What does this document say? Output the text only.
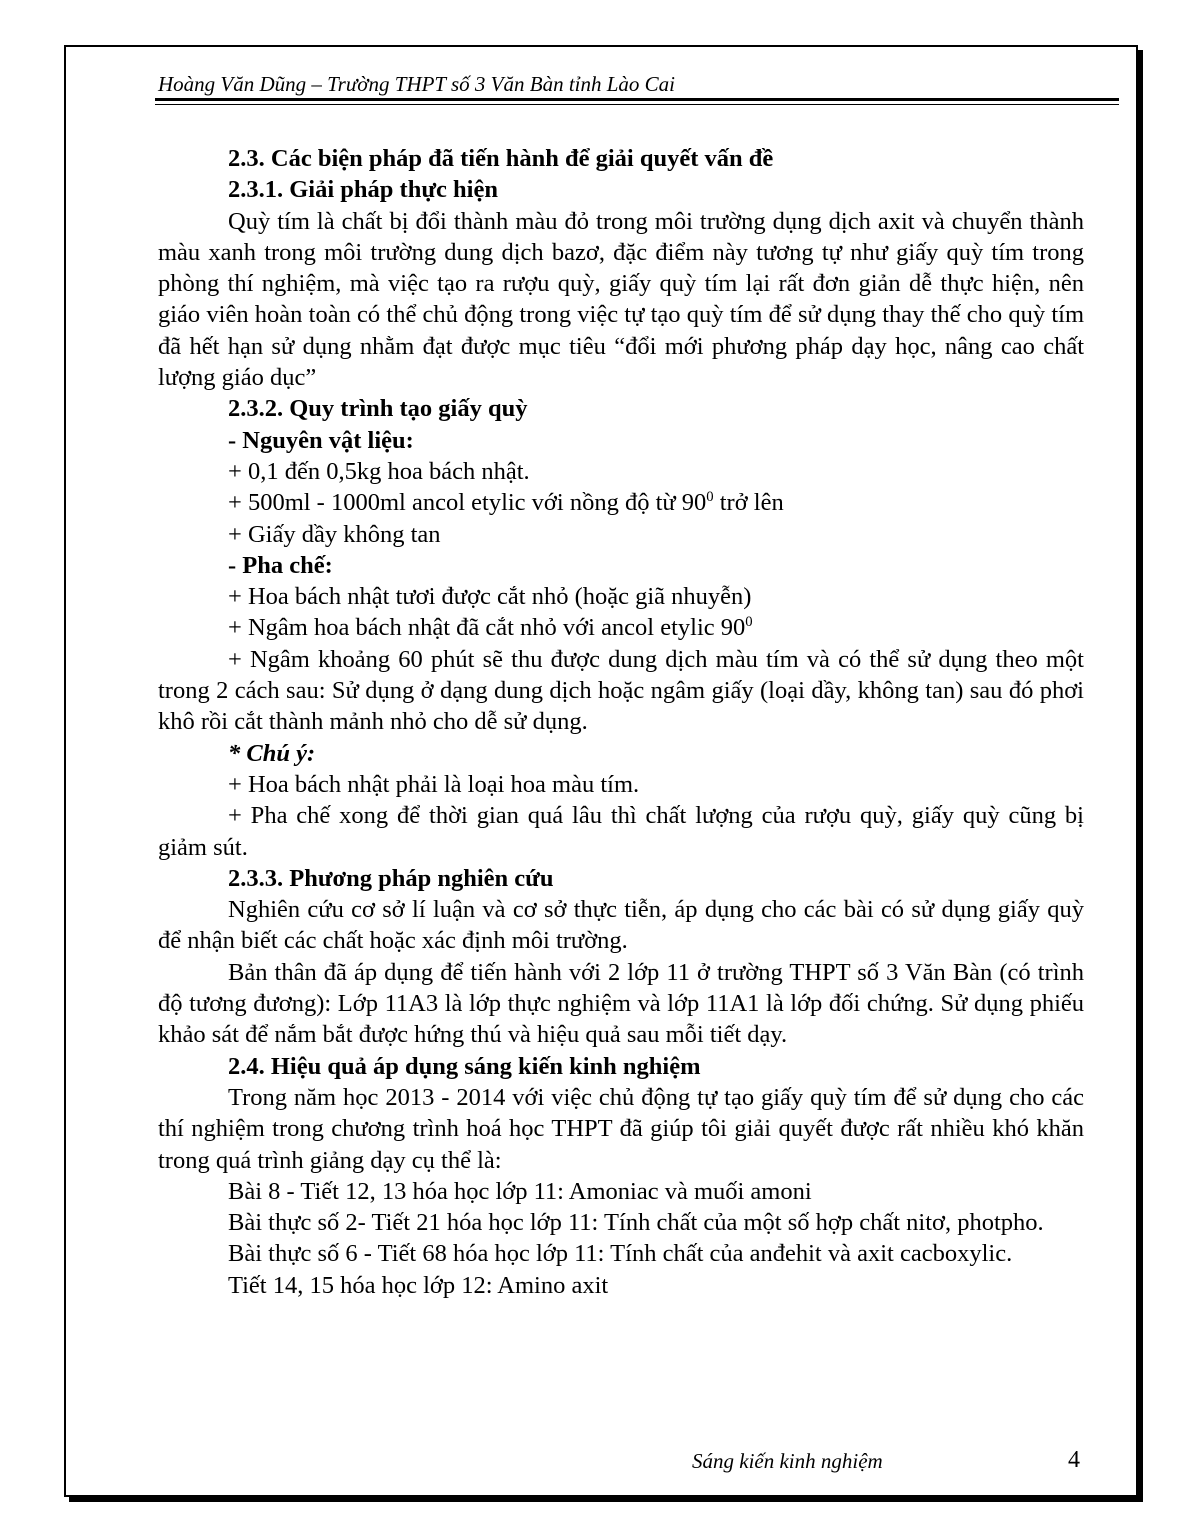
Hoàng Văn Dũng – Trường THPT số 3 Văn Bàn tỉnh Lào Cai

2.3. Các biện pháp đã tiến hành để giải quyết vấn đề

2.3.1. Giải pháp thực hiện

Quỳ tím là chất bị đổi thành màu đỏ trong môi trường dụng dịch axit và chuyển thành màu xanh trong môi trường dung dịch bazơ, đặc điểm này tương tự như giấy quỳ tím trong phòng thí nghiệm, mà việc tạo ra rượu quỳ, giấy quỳ tím lại rất đơn giản dễ thực hiện, nên giáo viên hoàn toàn có thể chủ động trong việc tự tạo quỳ tím để sử dụng thay thế cho quỳ tím đã hết hạn sử dụng nhằm đạt được mục tiêu “đổi mới phương pháp dạy học, nâng cao chất lượng giáo dục”

2.3.2. Quy trình tạo giấy quỳ

- Nguyên vật liệu:

+ 0,1 đến 0,5kg hoa bách nhật.

+ 500ml - 1000ml ancol etylic với nồng độ từ $90^0$ trở lên

+ Giấy dầy không tan

- Pha chế:

+ Hoa bách nhật tươi được cắt nhỏ (hoặc giã nhuyễn)

+ Ngâm hoa bách nhật đã cắt nhỏ với ancol etylic $90^0$

+ Ngâm khoảng 60 phút sẽ thu được dung dịch màu tím và có thể sử dụng theo một trong 2 cách sau: Sử dụng ở dạng dung dịch hoặc ngâm giấy (loại dầy, không tan) sau đó phơi khô rồi cắt thành mảnh nhỏ cho dễ sử dụng.

* Chú ý:

+ Hoa bách nhật phải là loại hoa màu tím.

+ Pha chế xong để thời gian quá lâu thì chất lượng của rượu quỳ, giấy quỳ cũng bị giảm sút.

2.3.3. Phương pháp nghiên cứu

Nghiên cứu cơ sở lí luận và cơ sở thực tiễn, áp dụng cho các bài có sử dụng giấy quỳ để nhận biết các chất hoặc xác định môi trường.

Bản thân đã áp dụng để tiến hành với 2 lớp 11 ở trường THPT số 3 Văn Bàn (có trình độ tương đương): Lớp 11A3 là lớp thực nghiệm và lớp 11A1 là lớp đối chứng. Sử dụng phiếu khảo sát để nắm bắt được hứng thú và hiệu quả sau mỗi tiết dạy.

2.4. Hiệu quả áp dụng sáng kiến kinh nghiệm

Trong năm học 2013 - 2014 với việc chủ động tự tạo giấy quỳ tím để sử dụng cho các thí nghiệm trong chương trình hoá học THPT đã giúp tôi giải quyết được rất nhiều khó khăn trong quá trình giảng dạy cụ thể là:

Bài 8 - Tiết 12, 13 hóa học lớp 11: Amoniac và muối amoni

Bài thực số 2- Tiết 21 hóa học lớp 11: Tính chất của một số hợp chất nitơ, photpho.

Bài thực số 6 - Tiết 68 hóa học lớp 11: Tính chất của anđehit và axit cacboxylic.

Tiết 14, 15 hóa học lớp 12: Amino axit

Sáng kiến kinh nghiệm	4
